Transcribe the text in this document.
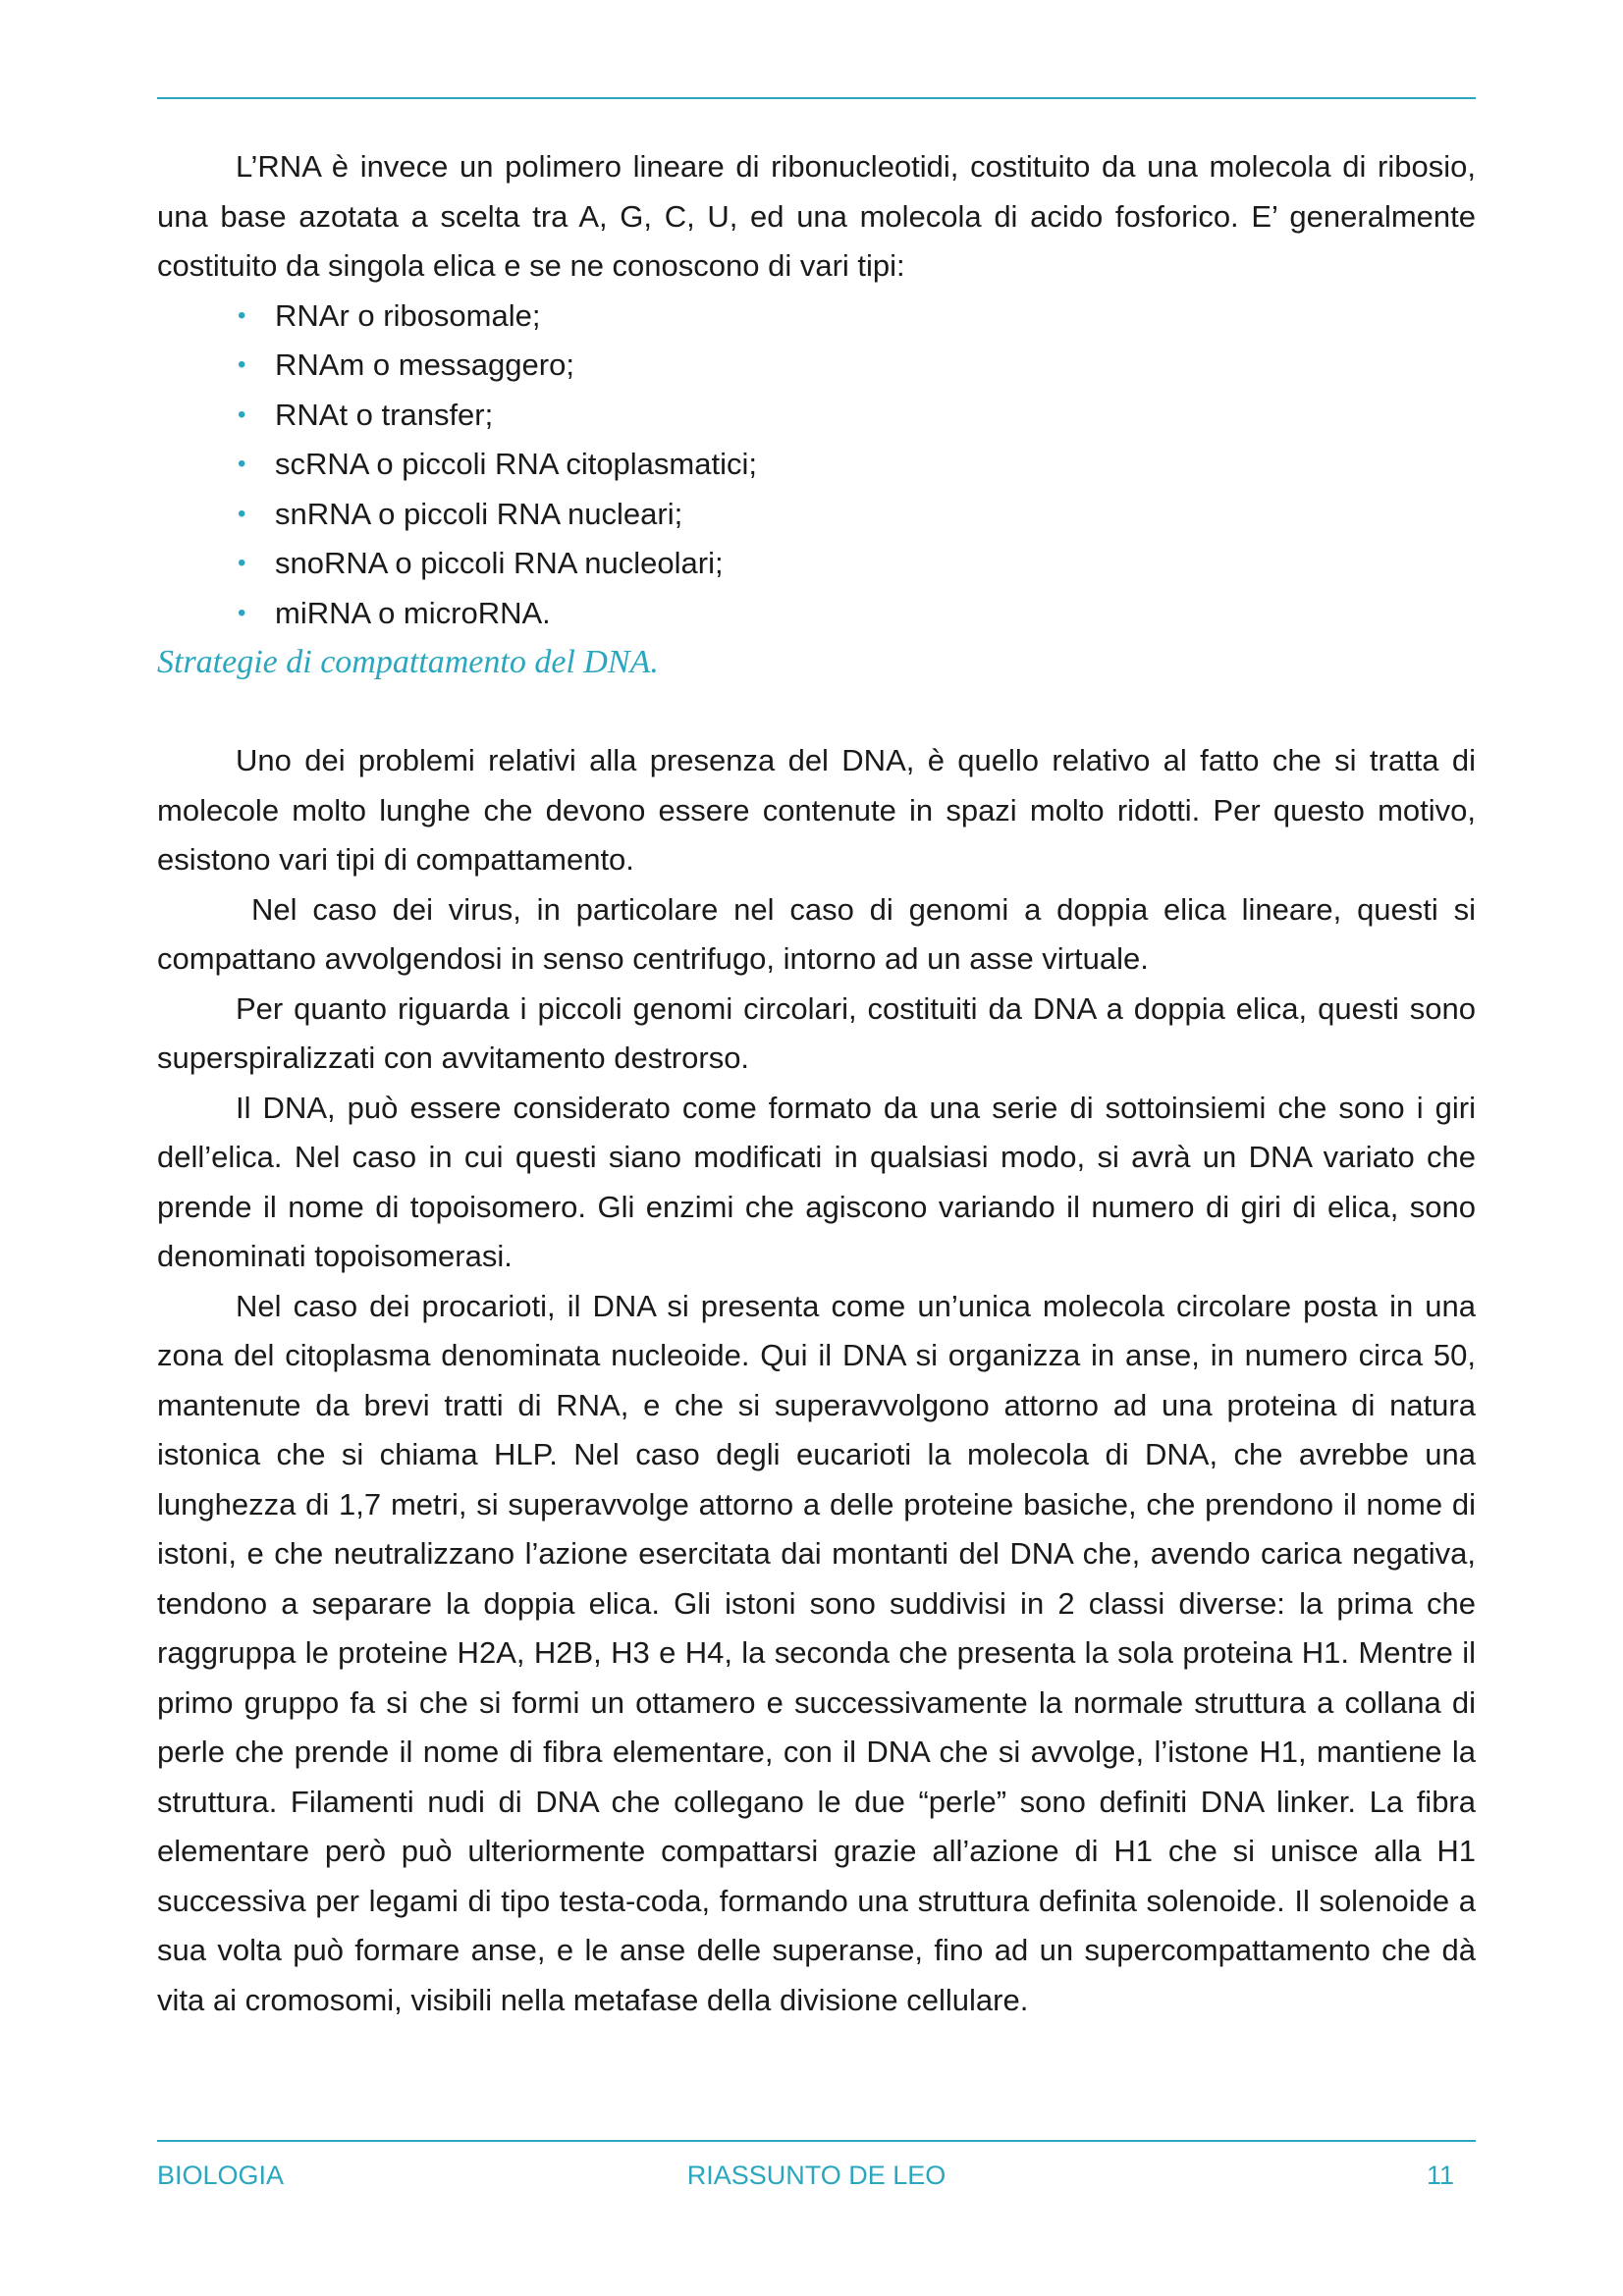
L’RNA è invece un polimero lineare di ribonucleotidi, costituito da una molecola di ribosio, una base azotata a scelta tra A, G, C, U, ed una molecola di acido fosforico. E’ generalmente costituito da singola elica e se ne conoscono di vari tipi:

• RNAr o ribosomale;
• RNAm o messaggero;
• RNAt o transfer;
• scRNA o piccoli RNA citoplasmatici;
• snRNA o piccoli RNA nucleari;
• snoRNA o piccoli RNA nucleolari;
• miRNA o microRNA.
Strategie di compattamento del DNA.

Uno dei problemi relativi alla presenza del DNA, è quello relativo al fatto che si tratta di molecole molto lunghe che devono essere contenute in spazi molto ridotti. Per questo motivo, esistono vari tipi di compattamento.

Nel caso dei virus, in particolare nel caso di genomi a doppia elica lineare, questi si compattano avvolgendosi in senso centrifugo, intorno ad un asse virtuale.

Per quanto riguarda i piccoli genomi circolari, costituiti da DNA a doppia elica, questi sono superspiralizzati con avvitamento destrorso.

Il DNA, può essere considerato come formato da una serie di sottoinsiemi che sono i giri dell’elica. Nel caso in cui questi siano modificati in qualsiasi modo, si avrà un DNA variato che prende il nome di topoisomero. Gli enzimi che agiscono variando il numero di giri di elica, sono denominati topoisomerasi.

Nel caso dei procarioti, il DNA si presenta come un’unica molecola circolare posta in una zona del citoplasma denominata nucleoide. Qui il DNA si organizza in anse, in numero circa 50, mantenute da brevi tratti di RNA, e che si superavvolgono attorno ad una proteina di natura istonica che si chiama HLP. Nel caso degli eucarioti la molecola di DNA, che avrebbe una lunghezza di 1,7 metri, si superavvolge attorno a delle proteine basiche, che prendono il nome di istoni, e che neutralizzano l’azione esercitata dai montanti del DNA che, avendo carica negativa, tendono a separare la doppia elica. Gli istoni sono suddivisi in 2 classi diverse: la prima che raggruppa le proteine H2A, H2B, H3 e H4, la seconda che presenta la sola proteina H1. Mentre il primo gruppo fa si che si formi un ottamero e successivamente la normale struttura a collana di perle che prende il nome di fibra elementare, con il DNA che si avvolge, l’istone H1, mantiene la struttura. Filamenti nudi di DNA che collegano le due “perle” sono definiti DNA linker. La fibra elementare però può ulteriormente compattarsi grazie all’azione di H1 che si unisce alla H1 successiva per legami di tipo testa-coda, formando una struttura definita solenoide. Il solenoide a sua volta può formare anse, e le anse delle superanse, fino ad un supercompattamento che dà vita ai cromosomi, visibili nella metafase della divisione cellulare.

BIOLOGIA	RIASSUNTO DE LEO	11
